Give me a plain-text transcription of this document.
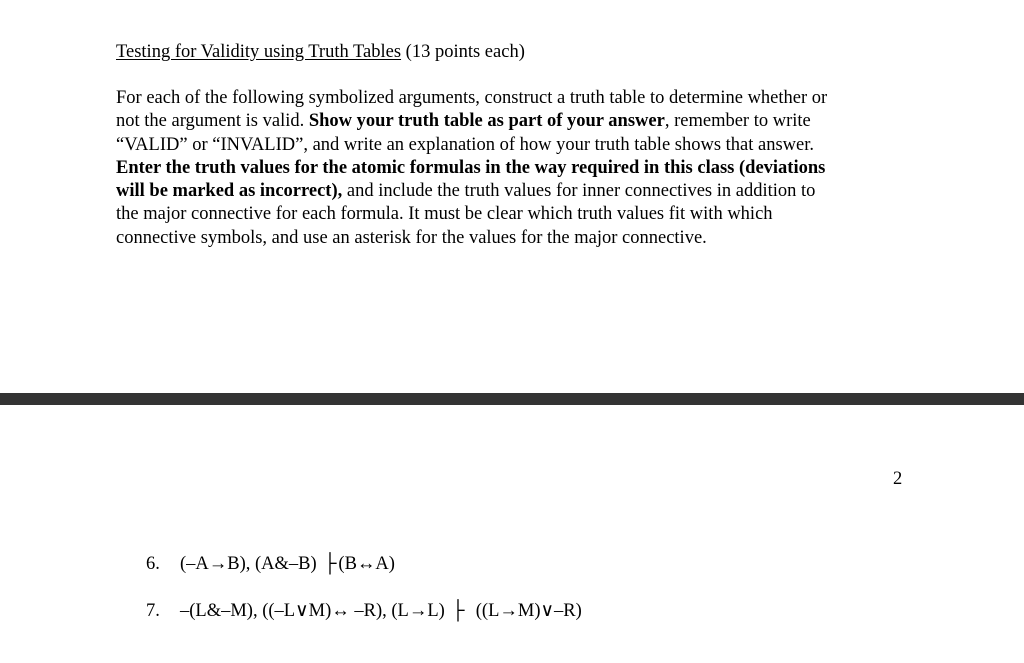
Testing for Validity using Truth Tables (13 points each)
For each of the following symbolized arguments, construct a truth table to determine whether or
not the argument is valid. Show your truth table as part of your answer, remember to write
“VALID” or “INVALID”, and write an explanation of how your truth table shows that answer.
Enter the truth values for the atomic formulas in the way required in this class (deviations
will be marked as incorrect), and include the truth values for inner connectives in addition to
the major connective for each formula. It must be clear which truth values fit with which
connective symbols, and use an asterisk for the values for the major connective.
2
6. (–A→B), (A&–B) ├ (B↔A)
7. –(L&–M), ((–L∨M)↔ –R), (L→L) ├  ((L→M)∨–R)
